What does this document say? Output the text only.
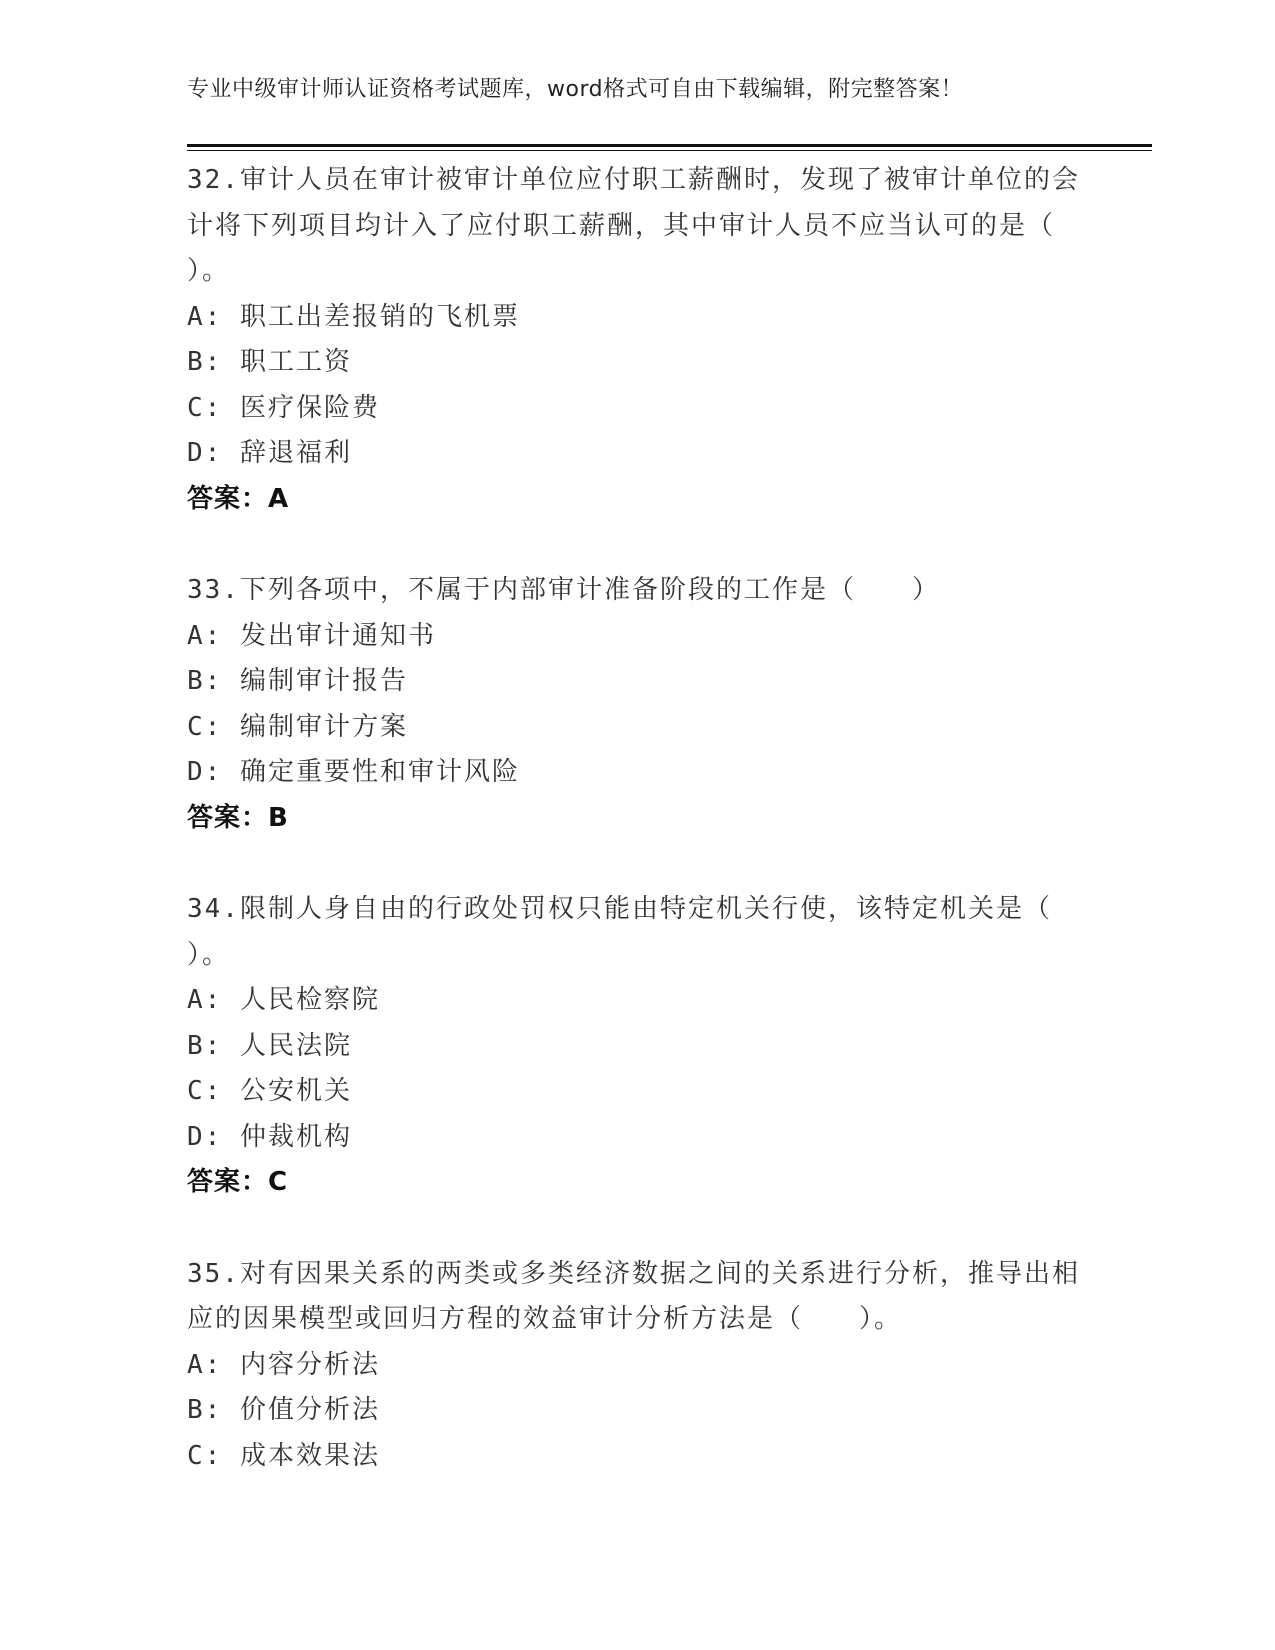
专业中级审计师认证资格考试题库，word格式可自由下载编辑，附完整答案！

32.审计人员在审计被审计单位应付职工薪酬时，发现了被审计单位的会计将下列项目均计入了应付职工薪酬，其中审计人员不应当认可的是（ ）。

A: 职工出差报销的飞机票

B: 职工工资

C: 医疗保险费

D: 辞退福利

答案：A

33.下列各项中，不属于内部审计准备阶段的工作是（　　）

A: 发出审计通知书

B: 编制审计报告

C: 编制审计方案

D: 确定重要性和审计风险

答案：B

34.限制人身自由的行政处罚权只能由特定机关行使，该特定机关是（ ）。

A: 人民检察院

B: 人民法院

C: 公安机关

D: 仲裁机构

答案：C

35.对有因果关系的两类或多类经济数据之间的关系进行分析，推导出相应的因果模型或回归方程的效益审计分析方法是（　　）。

A: 内容分析法

B: 价值分析法

C: 成本效果法
